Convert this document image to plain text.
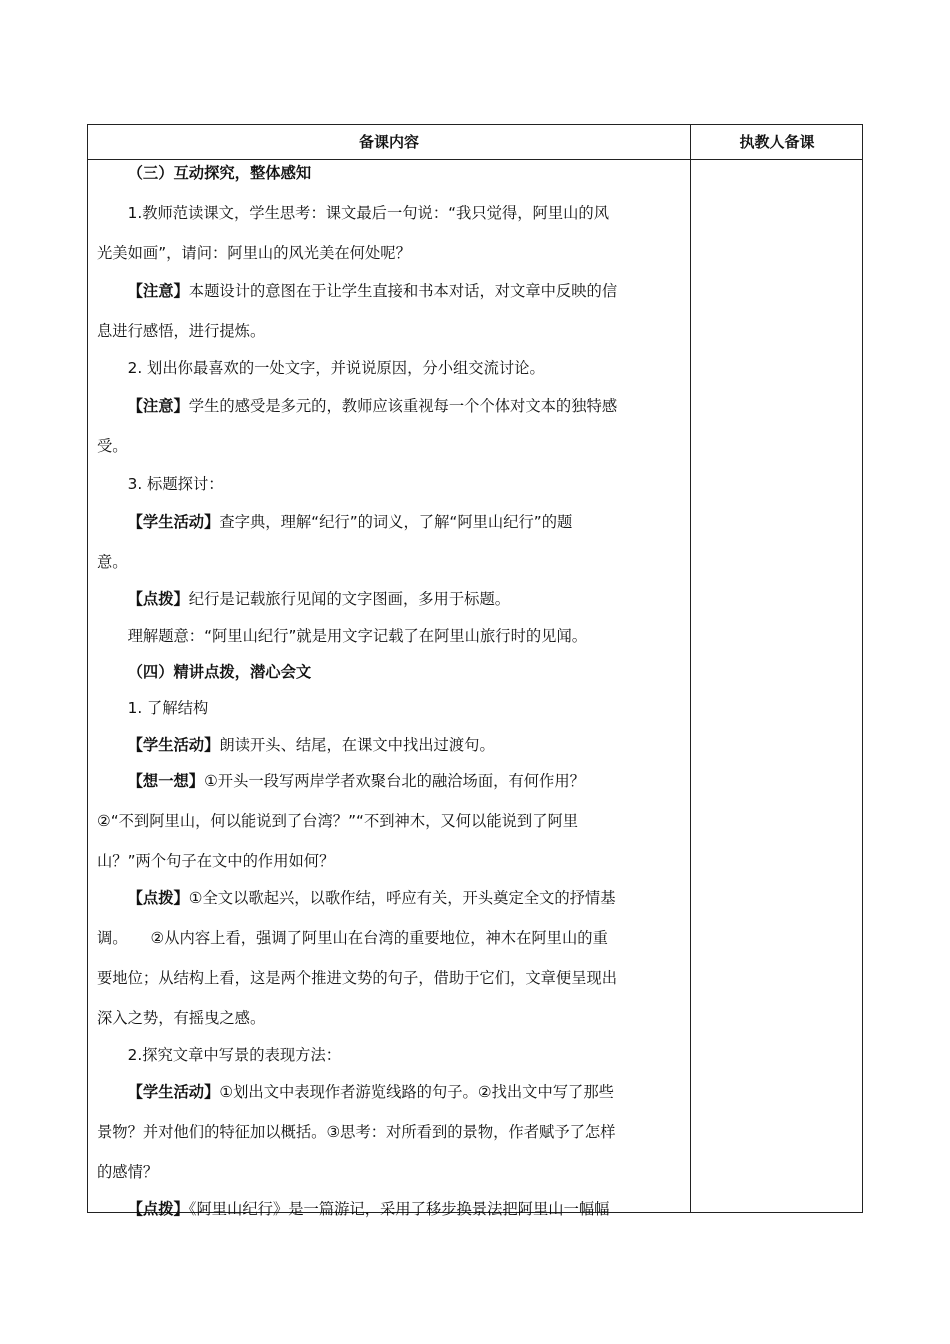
备课内容	执教人备课

（三）互动探究，整体感知

1.教师范读课文，学生思考：课文最后一句说：“我只觉得，阿里山的风

光美如画”，请问：阿里山的风光美在何处呢？

【注意】本题设计的意图在于让学生直接和书本对话，对文章中反映的信

息进行感悟，进行提炼。

2. 划出你最喜欢的一处文字，并说说原因，分小组交流讨论。

【注意】学生的感受是多元的，教师应该重视每一个个体对文本的独特感

受。

3. 标题探讨：

【学生活动】查字典，理解“纪行”的词义，了解“阿里山纪行”的题

意。

【点拨】纪行是记载旅行见闻的文字图画，多用于标题。

理解题意：“阿里山纪行”就是用文字记载了在阿里山旅行时的见闻。

（四）精讲点拨，潜心会文

1. 了解结构

【学生活动】朗读开头、结尾，在课文中找出过渡句。

【想一想】①开头一段写两岸学者欢聚台北的融洽场面，有何作用？

②“不到阿里山，何以能说到了台湾？”“不到神木，又何以能说到了阿里

山？”两个句子在文中的作用如何？

【点拨】①全文以歌起兴，以歌作结，呼应有关，开头奠定全文的抒情基

调。　　②从内容上看，强调了阿里山在台湾的重要地位，神木在阿里山的重

要地位；从结构上看，这是两个推进文势的句子，借助于它们，文章便呈现出

深入之势，有摇曳之感。

2.探究文章中写景的表现方法：

【学生活动】①划出文中表现作者游览线路的句子。②找出文中写了那些

景物？并对他们的特征加以概括。③思考：对所看到的景物，作者赋予了怎样

的感情？

【点拨】《阿里山纪行》是一篇游记，采用了移步换景法把阿里山一幅幅
